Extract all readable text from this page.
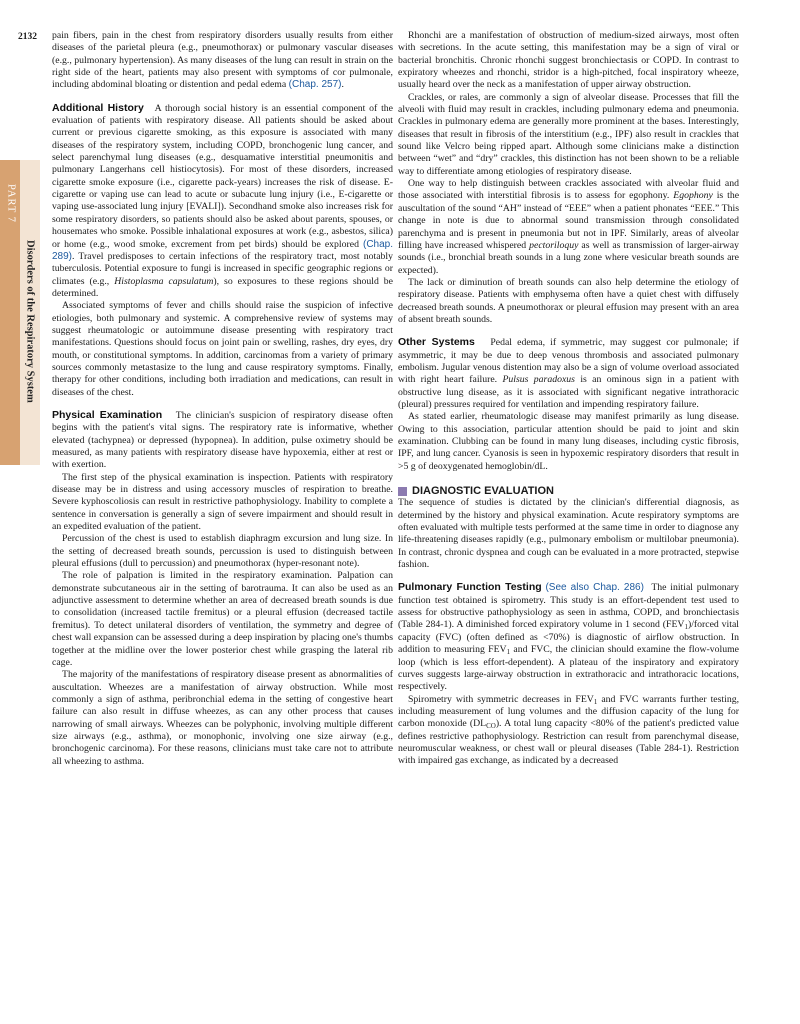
2132
PART 7
Disorders of the Respiratory System

pain fibers, pain in the chest from respiratory disorders usually results from either diseases of the parietal pleura (e.g., pneumothorax) or pulmonary vascular diseases (e.g., pulmonary hypertension). As many diseases of the lung can result in strain on the right side of the heart, patients may also present with symptoms of cor pulmonale, including abdominal bloating or distention and pedal edema (Chap. 257).

Additional History A thorough social history is an essential component of the evaluation of patients with respiratory disease. All patients should be asked about current or previous cigarette smoking, as this exposure is associated with many diseases of the respiratory system, including COPD, bronchogenic lung cancer, and select parenchymal lung diseases (e.g., desquamative interstitial pneumonitis and pulmonary Langerhans cell histiocytosis). For most of these disorders, increased cigarette smoke exposure (i.e., cigarette pack-years) increases the risk of disease. E-cigarette or vaping use can lead to acute or subacute lung injury (i.e., E-cigarette or vaping use-associated lung injury [EVALI]). Secondhand smoke also increases risk for some respiratory disorders, so patients should also be asked about parents, spouses, or housemates who smoke. Possible inhalational exposures at work (e.g., asbestos, silica) or home (e.g., wood smoke, excrement from pet birds) should be explored (Chap. 289). Travel predisposes to certain infections of the respiratory tract, most notably tuberculosis. Potential exposure to fungi is increased in specific geographic regions or climates (e.g., Histoplasma capsulatum), so exposures to these regions should be determined.

Associated symptoms of fever and chills should raise the suspicion of infective etiologies, both pulmonary and systemic. A comprehensive review of systems may suggest rheumatologic or autoimmune disease presenting with respiratory tract manifestations. Questions should focus on joint pain or swelling, rashes, dry eyes, dry mouth, or constitutional symptoms. In addition, carcinomas from a variety of primary sources commonly metastasize to the lung and cause respiratory symptoms. Finally, therapy for other conditions, including both irradiation and medications, can result in diseases of the chest.

Physical Examination The clinician's suspicion of respiratory disease often begins with the patient's vital signs. The respiratory rate is informative, whether elevated (tachypnea) or depressed (hypopnea). In addition, pulse oximetry should be measured, as many patients with respiratory disease have hypoxemia, either at rest or with exertion.

The first step of the physical examination is inspection. Patients with respiratory disease may be in distress and using accessory muscles of respiration to breathe. Severe kyphoscoliosis can result in restrictive pathophysiology. Inability to complete a sentence in conversation is generally a sign of severe impairment and should result in an expedited evaluation of the patient.

Percussion of the chest is used to establish diaphragm excursion and lung size. In the setting of decreased breath sounds, percussion is used to distinguish between pleural effusions (dull to percussion) and pneumothorax (hyper-resonant note).

The role of palpation is limited in the respiratory examination. Palpation can demonstrate subcutaneous air in the setting of barotrauma. It can also be used as an adjunctive assessment to determine whether an area of decreased breath sounds is due to consolidation (increased tactile fremitus) or a pleural effusion (decreased tactile fremitus). To detect unilateral disorders of ventilation, the symmetry and degree of chest wall expansion can be assessed during a deep inspiration by placing one's thumbs together at the midline over the lower posterior chest while grasping the lateral rib cage.

The majority of the manifestations of respiratory disease present as abnormalities of auscultation. Wheezes are a manifestation of airway obstruction. While most commonly a sign of asthma, peribronchial edema in the setting of congestive heart failure can also result in diffuse wheezes, as can any other process that causes narrowing of small airways. Wheezes can be polyphonic, involving multiple different size airways (e.g., asthma), or monophonic, involving one size airway (e.g., bronchogenic carcinoma). For these reasons, clinicians must take care not to attribute all wheezing to asthma.

Rhonchi are a manifestation of obstruction of medium-sized airways, most often with secretions. In the acute setting, this manifestation may be a sign of viral or bacterial bronchitis. Chronic rhonchi suggest bronchiectasis or COPD. In contrast to expiratory wheezes and rhonchi, stridor is a high-pitched, focal inspiratory wheeze, usually heard over the neck as a manifestation of upper airway obstruction.

Crackles, or rales, are commonly a sign of alveolar disease. Processes that fill the alveoli with fluid may result in crackles, including pulmonary edema and pneumonia. Crackles in pulmonary edema are generally more prominent at the bases. Interestingly, diseases that result in fibrosis of the interstitium (e.g., IPF) also result in crackles that sound like Velcro being ripped apart. Although some clinicians make a distinction between “wet” and “dry” crackles, this distinction has not been shown to be a reliable way to differentiate among etiologies of respiratory disease.

One way to help distinguish between crackles associated with alveolar fluid and those associated with interstitial fibrosis is to assess for egophony. Egophony is the auscultation of the sound “AH” instead of “EEE” when a patient phonates “EEE.” This change in note is due to abnormal sound transmission through consolidated parenchyma and is present in pneumonia but not in IPF. Similarly, areas of alveolar filling have increased whispered pectoriloquy as well as transmission of larger-airway sounds (i.e., bronchial breath sounds in a lung zone where vesicular breath sounds are expected).

The lack or diminution of breath sounds can also help determine the etiology of respiratory disease. Patients with emphysema often have a quiet chest with diffusely decreased breath sounds. A pneumothorax or pleural effusion may present with an area of absent breath sounds.

Other Systems Pedal edema, if symmetric, may suggest cor pulmonale; if asymmetric, it may be due to deep venous thrombosis and associated pulmonary embolism. Jugular venous distention may also be a sign of volume overload associated with right heart failure. Pulsus paradoxus is an ominous sign in a patient with obstructive lung disease, as it is associated with significant negative intrathoracic (pleural) pressures required for ventilation and impending respiratory failure.

As stated earlier, rheumatologic disease may manifest primarily as lung disease. Owing to this association, particular attention should be paid to joint and skin examination. Clubbing can be found in many lung diseases, including cystic fibrosis, IPF, and lung cancer. Cyanosis is seen in hypoxemic respiratory disorders that result in >5 g of deoxygenated hemoglobin/dL.

DIAGNOSTIC EVALUATION

The sequence of studies is dictated by the clinician's differential diagnosis, as determined by the history and physical examination. Acute respiratory symptoms are often evaluated with multiple tests performed at the same time in order to diagnose any life-threatening diseases rapidly (e.g., pulmonary embolism or multilobar pneumonia). In contrast, chronic dyspnea and cough can be evaluated in a more protracted, stepwise fashion.

Pulmonary Function Testing (See also Chap. 286) The initial pulmonary function test obtained is spirometry. This study is an effort-dependent test used to assess for obstructive pathophysiology as seen in asthma, COPD, and bronchiectasis (Table 284-1). A diminished forced expiratory volume in 1 second $(FEV_1)$/forced vital capacity (FVC) (often defined as <70%) is diagnostic of airflow obstruction. In addition to measuring $FEV_1$ and FVC, the clinician should examine the flow-volume loop (which is less effort-dependent). A plateau of the inspiratory and expiratory curves suggests large-airway obstruction in extrathoracic and intrathoracic locations, respectively.

Spirometry with symmetric decreases in $FEV_1$ and FVC warrants further testing, including measurement of lung volumes and the diffusion capacity of the lung for carbon monoxide $(DL_{CO})$. A total lung capacity <80% of the patient's predicted value defines restrictive pathophysiology. Restriction can result from parenchymal disease, neuromuscular weakness, or chest wall or pleural diseases (Table 284-1). Restriction with impaired gas exchange, as indicated by a decreased
